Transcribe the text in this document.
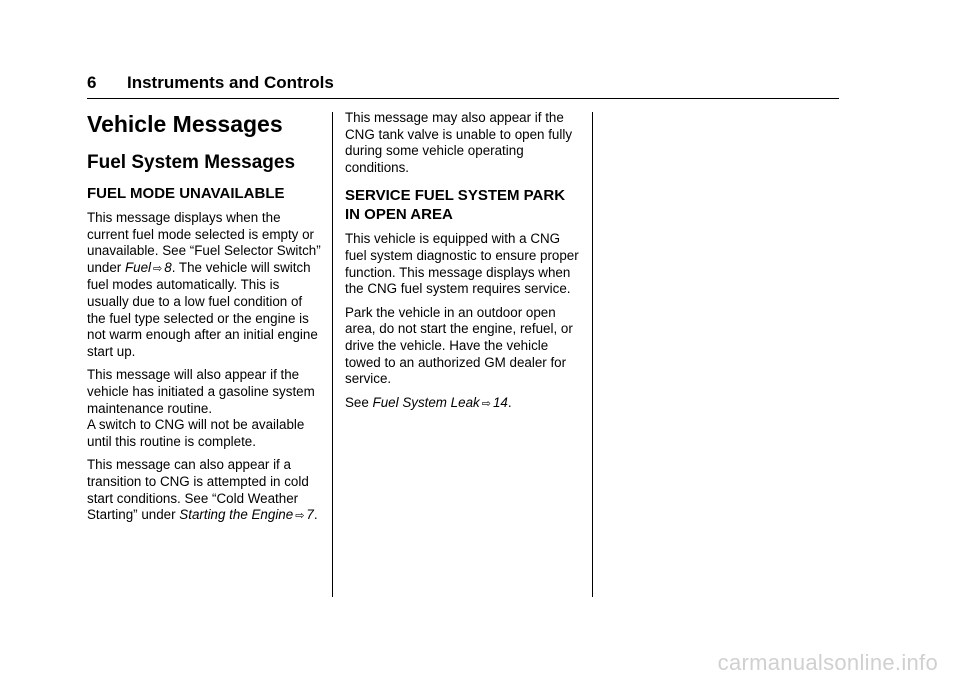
6 Instruments and Controls
Vehicle Messages
Fuel System Messages
FUEL MODE UNAVAILABLE

This message displays when the current fuel mode selected is empty or unavailable. See “Fuel Selector Switch” under Fuel ⇨ 8. The vehicle will switch fuel modes automatically. This is usually due to a low fuel condition of the fuel type selected or the engine is not warm enough after an initial engine start up.

This message will also appear if the vehicle has initiated a gasoline system maintenance routine.

A switch to CNG will not be available until this routine is complete.

This message can also appear if a transition to CNG is attempted in cold start conditions. See “Cold Weather Starting” under Starting the Engine ⇨ 7.

This message may also appear if the CNG tank valve is unable to open fully during some vehicle operating conditions.

SERVICE FUEL SYSTEM PARK IN OPEN AREA

This vehicle is equipped with a CNG fuel system diagnostic to ensure proper function. This message displays when the CNG fuel system requires service.

Park the vehicle in an outdoor open area, do not start the engine, refuel, or drive the vehicle. Have the vehicle towed to an authorized GM dealer for service.

See Fuel System Leak ⇨ 14.

carmanualsonline.info
